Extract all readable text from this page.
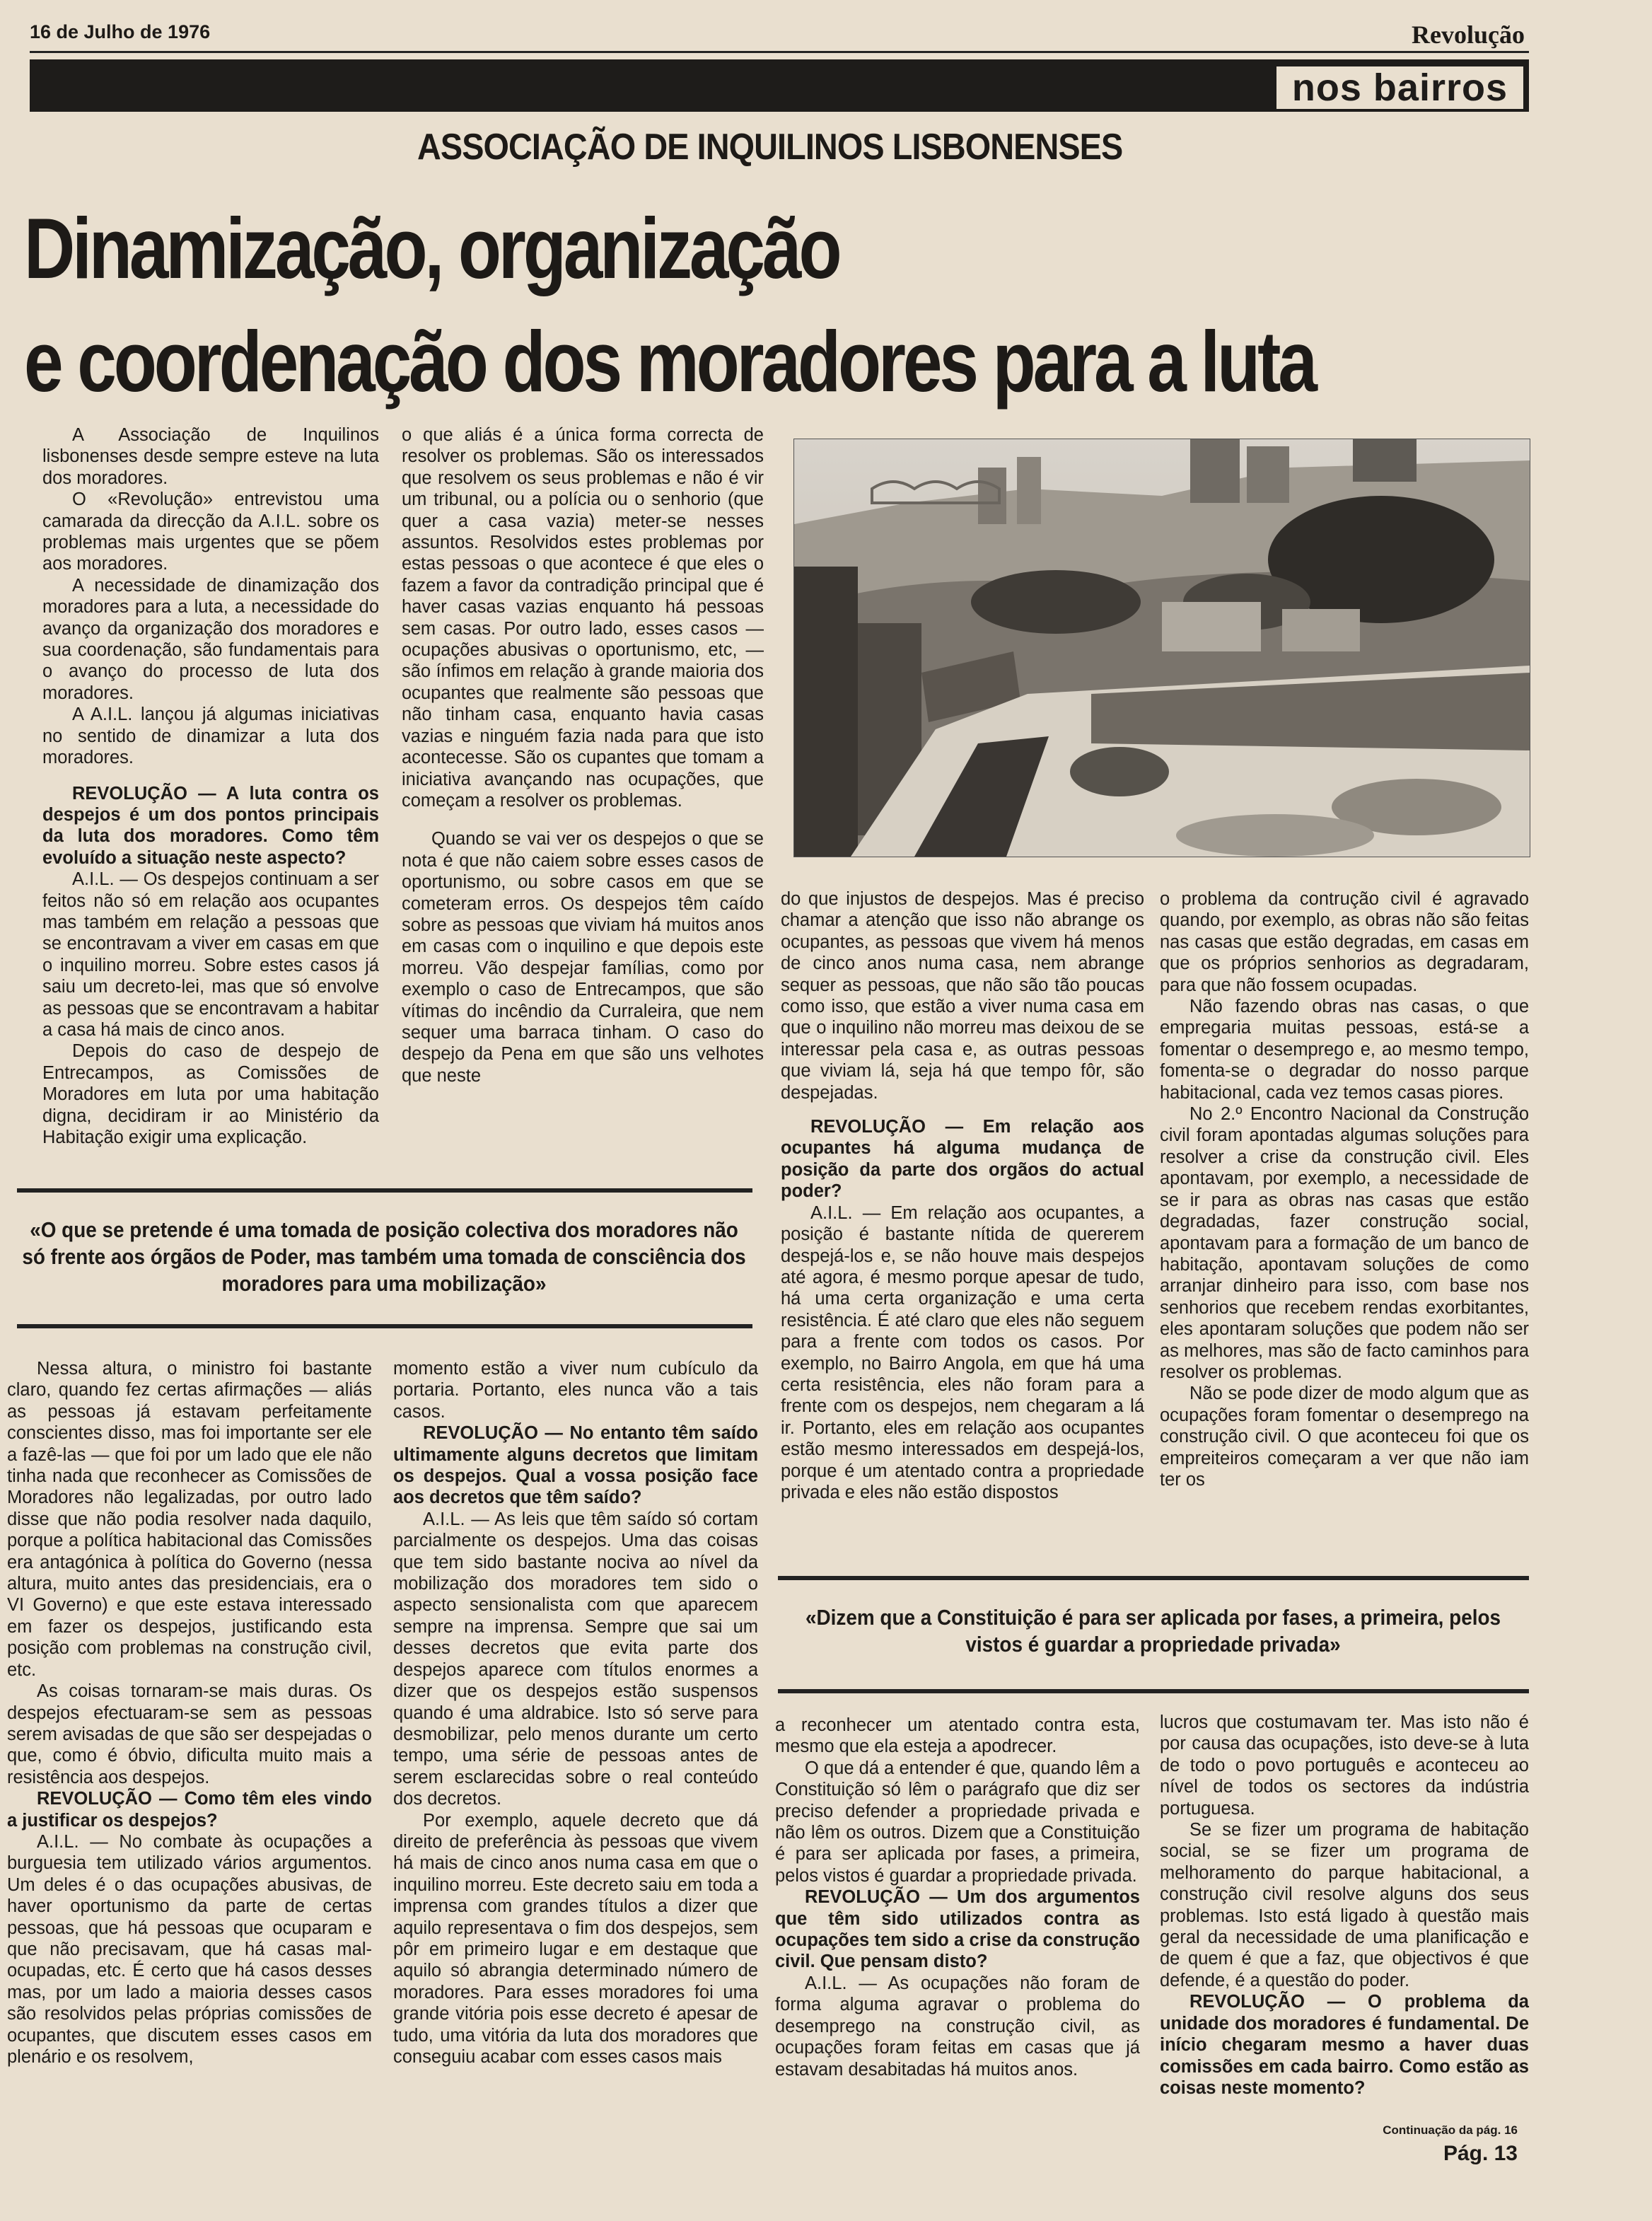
16 de Julho de 1976	Revolução
nos bairros
ASSOCIAÇÃO DE INQUILINOS LISBONENSES
Dinamização, organização
e coordenação dos moradores para a luta

A Associação de Inquilinos lisbonenses desde sempre esteve na luta dos moradores.

O «Revolução» entrevistou uma camarada da direcção da A.I.L. sobre os problemas mais urgentes que se põem aos moradores.

A necessidade de dinamização dos moradores para a luta, a necessidade do avanço da organização dos moradores e sua coordenação, são fundamentais para o avanço do processo de luta dos moradores.

A A.I.L. lançou já algumas iniciativas no sentido de dinamizar a luta dos moradores.

REVOLUÇÃO — A luta contra os despejos é um dos pontos principais da luta dos moradores. Como têm evoluído a situação neste aspecto?

A.I.L. — Os despejos continuam a ser feitos não só em relação aos ocupantes mas também em relação a pessoas que se encontravam a viver em casas em que o inquilino morreu. Sobre estes casos já saiu um decreto-lei, mas que só envolve as pessoas que se encontravam a habitar a casa há mais de cinco anos.

Depois do caso de despejo de Entrecampos, as Comissões de Moradores em luta por uma habitação digna, decidiram ir ao Ministério da Habitação exigir uma explicação.

o que aliás é a única forma correcta de resolver os problemas. São os interessados que resolvem os seus problemas e não é vir um tribunal, ou a polícia ou o senhorio (que quer a casa vazia) meter-se nesses assuntos. Resolvidos estes problemas por estas pessoas o que acontece é que eles o fazem a favor da contradição principal que é haver casas vazias enquanto há pessoas sem casas. Por outro lado, esses casos — ocupações abusivas o oportunismo, etc, — são ínfimos em relação à grande maioria dos ocupantes que realmente são pessoas que não tinham casa, enquanto havia casas vazias e ninguém fazia nada para que isto acontecesse. São os cupantes que tomam a iniciativa avançando nas ocupações, que começam a resolver os problemas.

Quando se vai ver os despejos o que se nota é que não caiem sobre esses casos de oportunismo, ou sobre casos em que se cometeram erros. Os despejos têm caído sobre as pessoas que viviam há muitos anos em casas com o inquilino e que depois este morreu. Vão despejar famílias, como por exemplo o caso de Entrecampos, que são vítimas do incêndio da Curraleira, que nem sequer uma barraca tinham. O caso do despejo da Pena em que são uns velhotes que neste

do que injustos de despejos. Mas é preciso chamar a atenção que isso não abrange os ocupantes, as pessoas que vivem há menos de cinco anos numa casa, nem abrange sequer as pessoas, que não são tão poucas como isso, que estão a viver numa casa em que o inquilino não morreu mas deixou de se interessar pela casa e, as outras pessoas que viviam lá, seja há que tempo fôr, são despejadas.

REVOLUÇÃO — Em relação aos ocupantes há alguma mudança de posição da parte dos orgãos do actual poder?

A.I.L. — Em relação aos ocupantes, a posição é bastante nítida de quererem despejá-los e, se não houve mais despejos até agora, é mesmo porque apesar de tudo, há uma certa organização e uma certa resistência. É até claro que eles não seguem para a frente com todos os casos. Por exemplo, no Bairro Angola, em que há uma certa resistência, eles não foram para a frente com os despejos, nem chegaram a lá ir. Portanto, eles em relação aos ocupantes estão mesmo interessados em despejá-los, porque é um atentado contra a propriedade privada e eles não estão dispostos

o problema da contrução civil é agravado quando, por exemplo, as obras não são feitas nas casas que estão degradas, em casas em que os próprios senhorios as degradaram, para que não fossem ocupadas.

Não fazendo obras nas casas, o que empregaria muitas pessoas, está-se a fomentar o desemprego e, ao mesmo tempo, fomenta-se o degradar do nosso parque habitacional, cada vez temos casas piores.

No 2.º Encontro Nacional da Construção civil foram apontadas algumas soluções para resolver a crise da construção civil. Eles apontavam, por exemplo, a necessidade de se ir para as obras nas casas que estão degradadas, fazer construção social, apontavam para a formação de um banco de habitação, apontavam soluções de como arranjar dinheiro para isso, com base nos senhorios que recebem rendas exorbitantes, eles apontaram soluções que podem não ser as melhores, mas são de facto caminhos para resolver os problemas.

Não se pode dizer de modo algum que as ocupações foram fomentar o desemprego na construção civil. O que aconteceu foi que os empreiteiros começaram a ver que não iam ter os

«O que se pretende é uma tomada de posição colectiva dos moradores não só frente aos órgãos de Poder, mas também uma tomada de consciência dos moradores para uma mobilização»
«Dizem que a Constituição é para ser aplicada por fases, a primeira, pelos vistos é guardar a propriedade privada»

Nessa altura, o ministro foi bastante claro, quando fez certas afirmações — aliás as pessoas já estavam perfeitamente conscientes disso, mas foi importante ser ele a fazê-las — que foi por um lado que ele não tinha nada que reconhecer as Comissões de Moradores não legalizadas, por outro lado disse que não podia resolver nada daquilo, porque a política habitacional das Comissões era antagónica à política do Governo (nessa altura, muito antes das presidenciais, era o VI Governo) e que este estava interessado em fazer os despejos, justificando esta posição com problemas na construção civil, etc.

As coisas tornaram-se mais duras. Os despejos efectuaram-se sem as pessoas serem avisadas de que são ser despejadas o que, como é óbvio, dificulta muito mais a resistência aos despejos.

REVOLUÇÃO — Como têm eles vindo a justificar os despejos?

A.I.L. — No combate às ocupações a burguesia tem utilizado vários argumentos. Um deles é o das ocupações abusivas, de haver oportunismo da parte de certas pessoas, que há pessoas que ocuparam e que não precisavam, que há casas mal-ocupadas, etc. É certo que há casos desses mas, por um lado a maioria desses casos são resolvidos pelas próprias comissões de ocupantes, que discutem esses casos em plenário e os resolvem,

momento estão a viver num cubículo da portaria. Portanto, eles nunca vão a tais casos.

REVOLUÇÃO — No entanto têm saído ultimamente alguns decretos que limitam os despejos. Qual a vossa posição face aos decretos que têm saído?

A.I.L. — As leis que têm saído só cortam parcialmente os despejos. Uma das coisas que tem sido bastante nociva ao nível da mobilização dos moradores tem sido o aspecto sensionalista com que aparecem sempre na imprensa. Sempre que sai um desses decretos que evita parte dos despejos aparece com títulos enormes a dizer que os despejos estão suspensos quando é uma aldrabice. Isto só serve para desmobilizar, pelo menos durante um certo tempo, uma série de pessoas antes de serem esclarecidas sobre o real conteúdo dos decretos.

Por exemplo, aquele decreto que dá direito de preferência às pessoas que vivem há mais de cinco anos numa casa em que o inquilino morreu. Este decreto saiu em toda a imprensa com grandes títulos a dizer que aquilo representava o fim dos despejos, sem pôr em primeiro lugar e em destaque que aquilo só abrangia determinado número de moradores. Para esses moradores foi uma grande vitória pois esse decreto é apesar de tudo, uma vitória da luta dos moradores que conseguiu acabar com esses casos mais

a reconhecer um atentado contra esta, mesmo que ela esteja a apodrecer.

O que dá a entender é que, quando lêm a Constituição só lêm o parágrafo que diz ser preciso defender a propriedade privada e não lêm os outros. Dizem que a Constituição é para ser aplicada por fases, a primeira, pelos vistos é guardar a propriedade privada.

REVOLUÇÃO — Um dos argumentos que têm sido utilizados contra as ocupações tem sido a crise da construção civil. Que pensam disto?

A.I.L. — As ocupações não foram de forma alguma agravar o problema do desemprego na construção civil, as ocupações foram feitas em casas que já estavam desabitadas há muitos anos.

lucros que costumavam ter. Mas isto não é por causa das ocupações, isto deve-se à luta de todo o povo português e aconteceu ao nível de todos os sectores da indústria portuguesa.

Se se fizer um programa de habitação social, se se fizer um programa de melhoramento do parque habitacional, a construção civil resolve alguns dos seus problemas. Isto está ligado à questão mais geral da necessidade de uma planificação e de quem é que a faz, que objectivos é que defende, é a questão do poder.

REVOLUÇÃO — O problema da unidade dos moradores é fundamental. De início chegaram mesmo a haver duas comissões em cada bairro. Como estão as coisas neste momento?

Continuação da pág. 16
Pág. 13
